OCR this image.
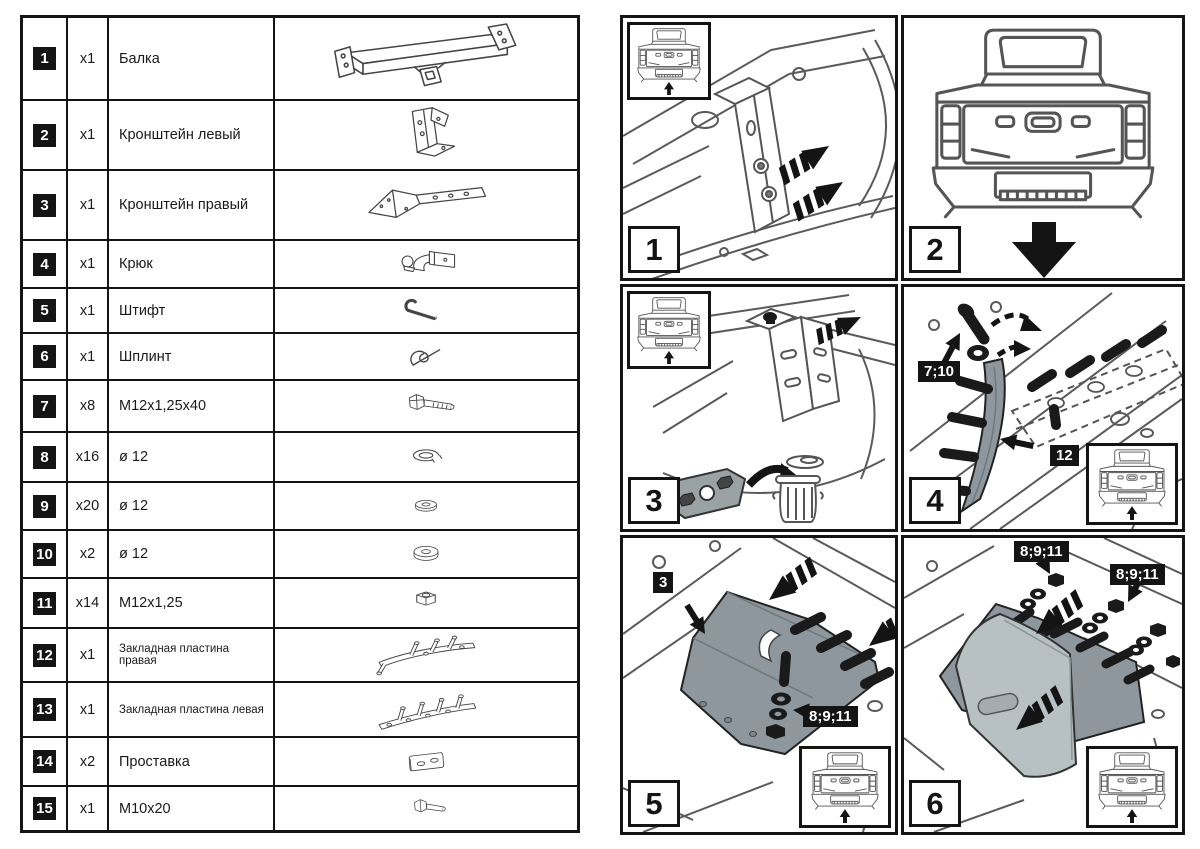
1	x1	Балка
2	x1	Кронштейн левый
3	x1	Кронштейн правый
4	x1	Крюк
5	x1	Штифт
6	x1	Шплинт
7	x8	M12x1,25x40
8	x16	ø 12
9	x20	ø 12
10	x2	ø 12
11	x14	M12x1,25
12	x1	Закладная пластина правая
13	x1	Закладная пластина левая
14	x2	Проставка
15	x1	M10x20
1	2
3
7;10
12
4
3
8;9;11
5
8;9;11
8;9;11
6
